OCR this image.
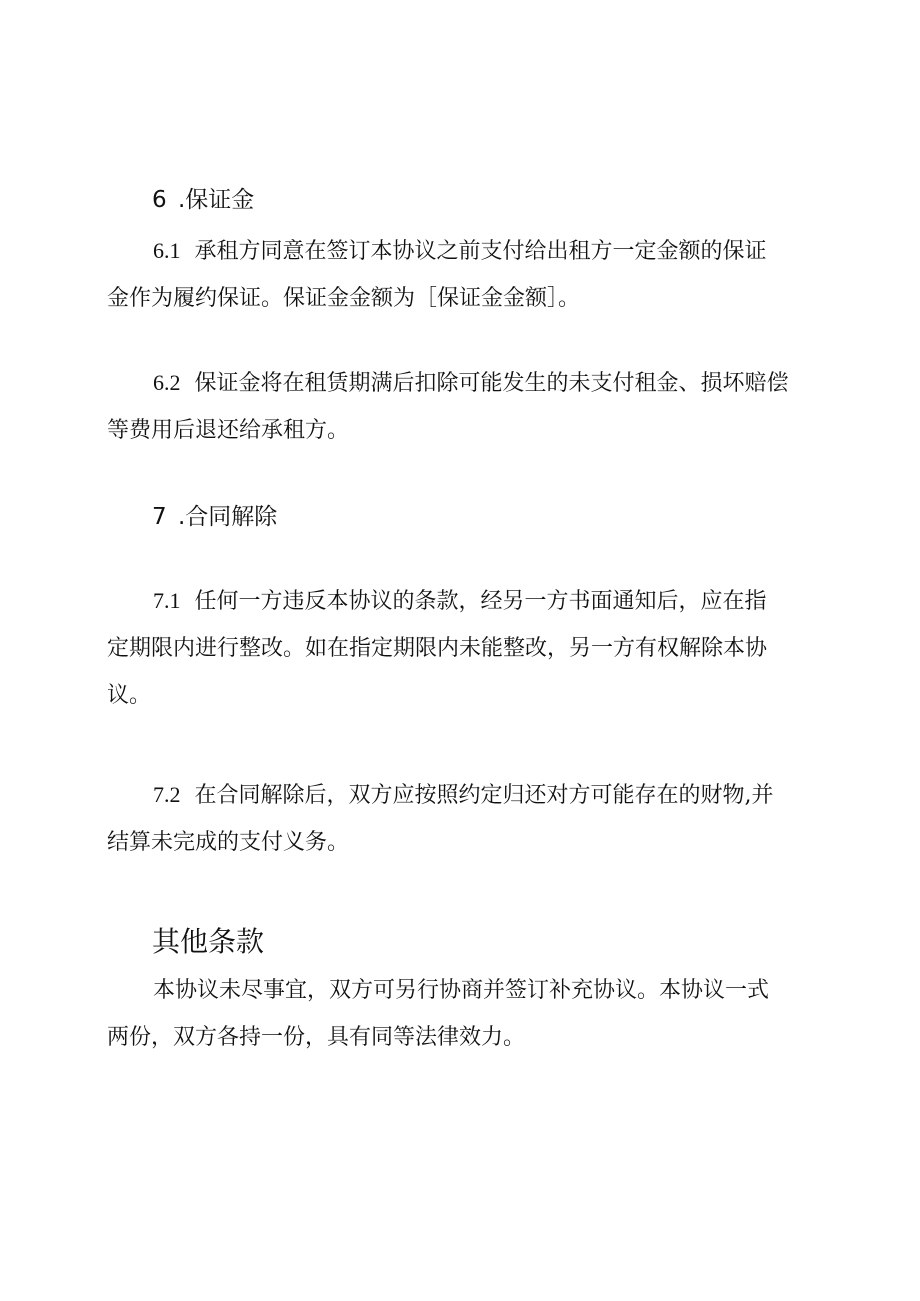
6 .保证金

6.1 承租方同意在签订本协议之前支付给出租方一定金额的保证
金作为履约保证。保证金金额为［保证金金额］。

6.2 保证金将在租赁期满后扣除可能发生的未支付租金、损坏赔偿
等费用后退还给承租方。

7 .合同解除

7.1 任何一方违反本协议的条款，经另一方书面通知后，应在指
定期限内进行整改。如在指定期限内未能整改，另一方有权解除本协
议。

7.2 在合同解除后，双方应按照约定归还对方可能存在的财物,并
结算未完成的支付义务。

其他条款

本协议未尽事宜，双方可另行协商并签订补充协议。本协议一式
两份，双方各持一份，具有同等法律效力。
